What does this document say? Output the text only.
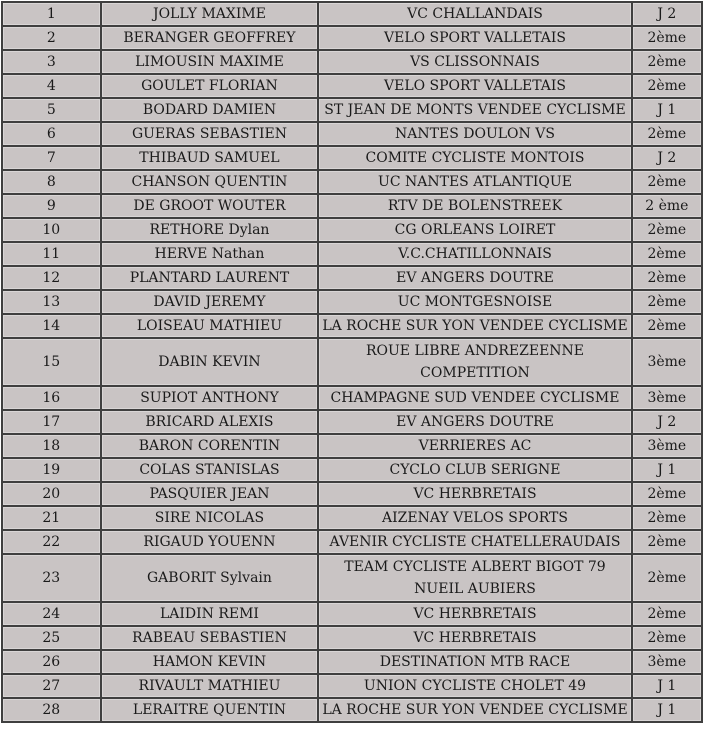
1	JOLLY MAXIME	VC CHALLANDAIS	J 2
2	BERANGER GEOFFREY	VELO SPORT VALLETAIS	2ème
3	LIMOUSIN MAXIME	VS CLISSONNAIS	2ème
4	GOULET FLORIAN	VELO SPORT VALLETAIS	2ème
5	BODARD DAMIEN	ST JEAN DE MONTS VENDEE CYCLISME	J 1
6	GUERAS SEBASTIEN	NANTES DOULON VS	2ème
7	THIBAUD SAMUEL	COMITE CYCLISTE MONTOIS	J 2
8	CHANSON QUENTIN	UC NANTES ATLANTIQUE	2ème
9	DE GROOT WOUTER	RTV DE BOLENSTREEK	2 ème
10	RETHORE Dylan	CG ORLEANS LOIRET	2ème
11	HERVE Nathan	V.C.CHATILLONNAIS	2ème
12	PLANTARD LAURENT	EV ANGERS DOUTRE	2ème
13	DAVID JEREMY	UC MONTGESNOISE	2ème
14	LOISEAU MATHIEU	LA ROCHE SUR YON VENDEE CYCLISME	2ème
15	DABIN KEVIN	ROUE LIBRE ANDREZEENNE COMPETITION	3ème
16	SUPIOT ANTHONY	CHAMPAGNE SUD VENDEE CYCLISME	3ème
17	BRICARD ALEXIS	EV ANGERS DOUTRE	J 2
18	BARON CORENTIN	VERRIERES AC	3ème
19	COLAS STANISLAS	CYCLO CLUB SERIGNE	J 1
20	PASQUIER JEAN	VC HERBRETAIS	2ème
21	SIRE NICOLAS	AIZENAY VELOS SPORTS	2ème
22	RIGAUD YOUENN	AVENIR CYCLISTE CHATELLERAUDAIS	2ème
23	GABORIT Sylvain	TEAM CYCLISTE ALBERT BIGOT 79 NUEIL AUBIERS	2ème
24	LAIDIN REMI	VC HERBRETAIS	2ème
25	RABEAU SEBASTIEN	VC HERBRETAIS	2ème
26	HAMON KEVIN	DESTINATION MTB RACE	3ème
27	RIVAULT MATHIEU	UNION CYCLISTE CHOLET 49	J 1
28	LERAITRE QUENTIN	LA ROCHE SUR YON VENDEE CYCLISME	J 1
